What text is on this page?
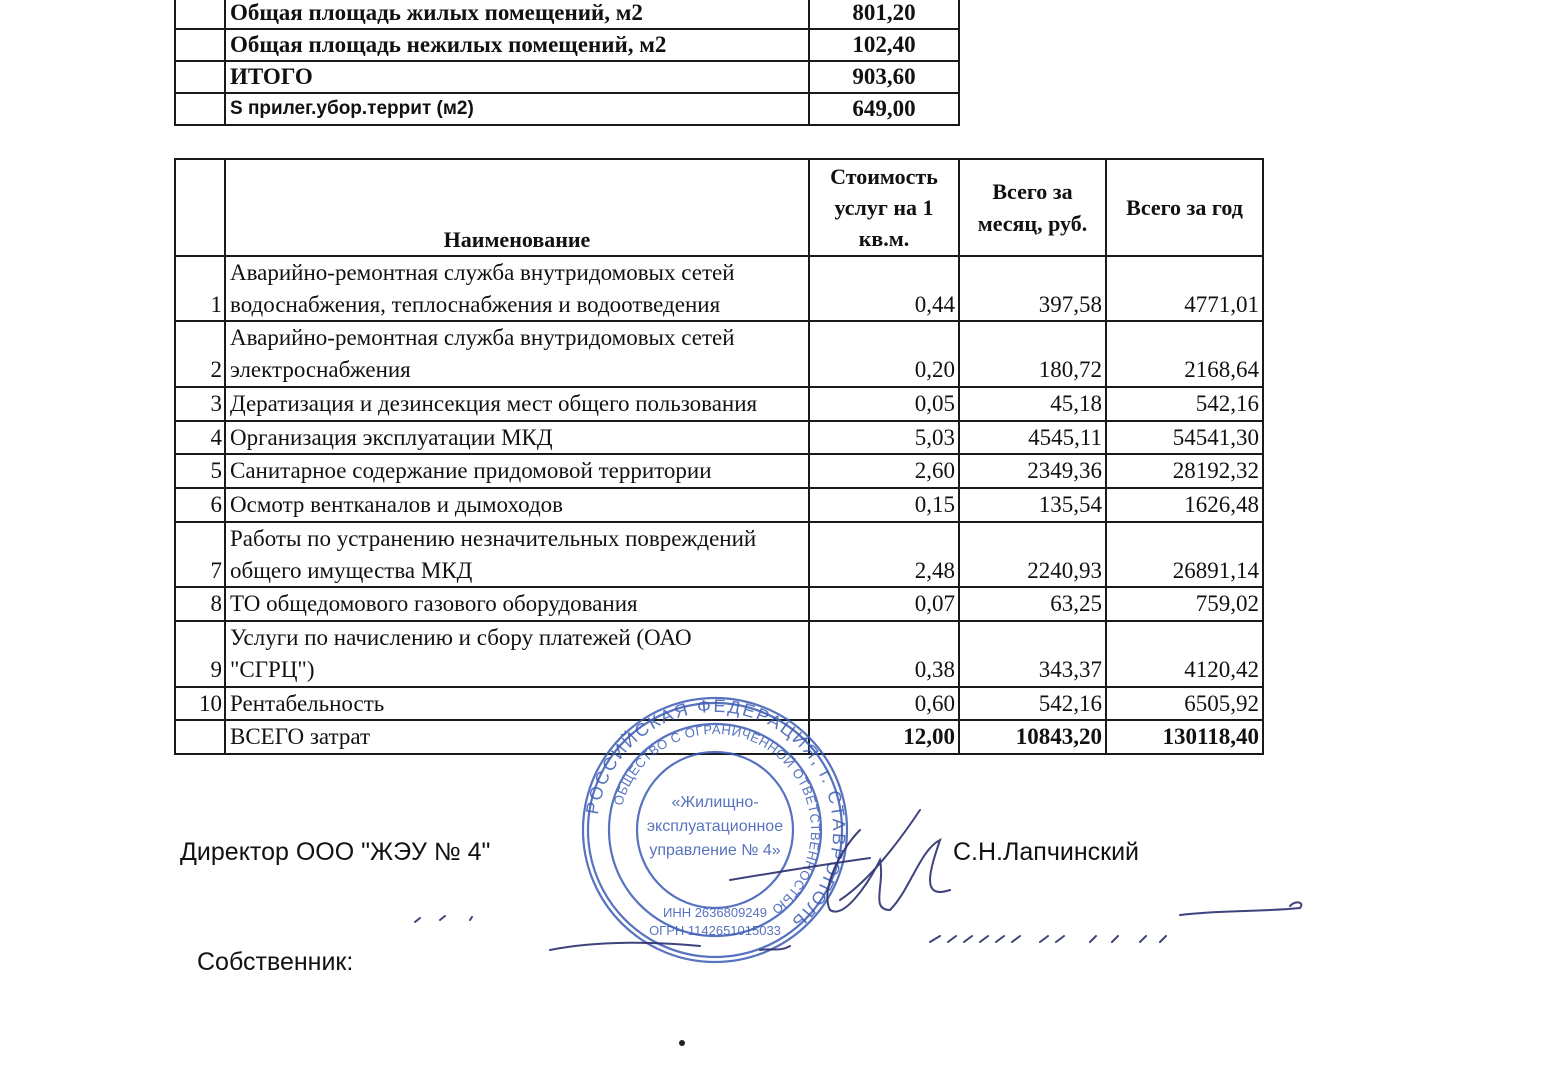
	Общая площадь жилых помещений, м2	801,20
	Общая площадь нежилых помещений, м2	102,40
	ИТОГО	903,60
	S прилег.убор.террит (м2)	649,00
	Наименование	Стоимость услуг на 1 кв.м.	Всего за месяц, руб.	Всего за год
1	Аварийно-ремонтная служба внутридомовых сетей
водоснабжения, теплоснабжения и водоотведения	0,44	397,58	4771,01
2	Аварийно-ремонтная служба внутридомовых сетей
электроснабжения	0,20	180,72	2168,64
3	Дератизация и дезинсекция мест общего пользования	0,05	45,18	542,16
4	Организация эксплуатации МКД	5,03	4545,11	54541,30
5	Санитарное содержание придомовой территории	2,60	2349,36	28192,32
6	Осмотр вентканалов и дымоходов	0,15	135,54	1626,48
7	Работы по устранению незначительных повреждений
общего имущества МКД	2,48	2240,93	26891,14
8	ТО общедомового газового оборудования	0,07	63,25	759,02
9	Услуги по начислению и сбору платежей (ОАО
"СГРЦ")	0,38	343,37	4120,42
10	Рентабельность	0,60	542,16	6505,92
	ВСЕГО затрат	12,00	10843,20	130118,40
РОССИЙСКАЯ ФЕДЕРАЦИЯ, г. СТАВРОПОЛЬ
ОБЩЕСТВО С ОГРАНИЧЕННОЙ ОТВЕТСТВЕННОСТЬЮ
«Жилищно-
эксплуатационное
управление № 4»
ИНН 2636809249
ОГРН 1142651015033
Директор ООО "ЖЭУ № 4"	С.Н.Лапчинский
Собственник:
